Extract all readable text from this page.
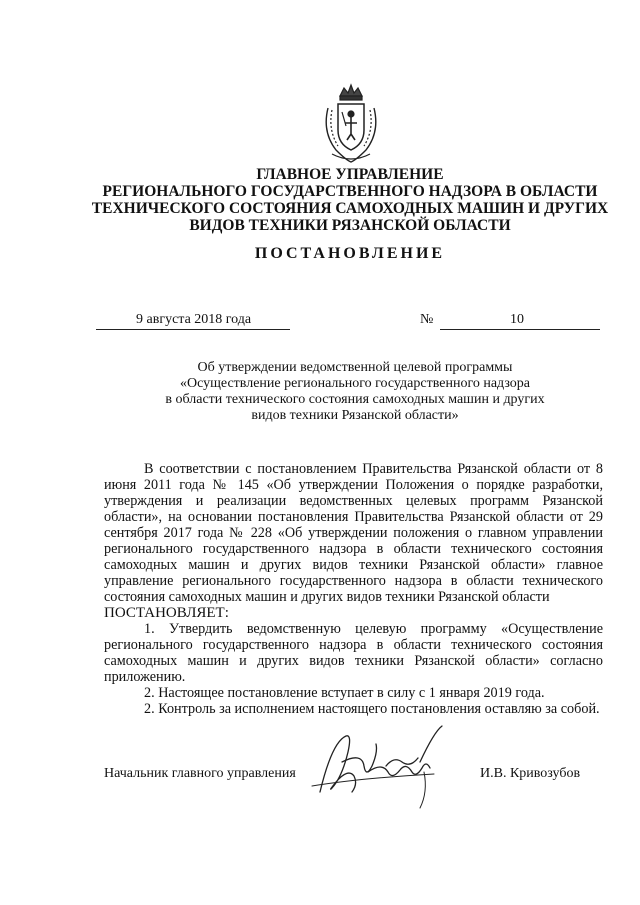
ГЛАВНОЕ УПРАВЛЕНИЕ
РЕГИОНАЛЬНОГО ГОСУДАРСТВЕННОГО НАДЗОРА В ОБЛАСТИ
ТЕХНИЧЕСКОГО СОСТОЯНИЯ САМОХОДНЫХ МАШИН И ДРУГИХ
ВИДОВ ТЕХНИКИ РЯЗАНСКОЙ ОБЛАСТИ
ПОСТАНОВЛЕНИЕ
9 августа 2018 года	№	10
Об утверждении ведомственной целевой программы
«Осуществление регионального государственного надзора
в области технического состояния самоходных машин и других
видов техники Рязанской области»

В соответствии с постановлением Правительства Рязанской области от 8 июня 2011 года № 145 «Об утверждении Положения о порядке разработки, утверждения и реализации ведомственных целевых программ Рязанской области», на основании постановления Правительства Рязанской области от 29 сентября 2017 года № 228 «Об утверждении положения о главном управлении регионального государственного надзора в области технического состояния самоходных машин и других видов техники Рязанской области» главное управление регионального государственного надзора в области технического состояния самоходных машин и других видов техники Рязанской области

ПОСТАНОВЛЯЕТ:

1. Утвердить ведомственную целевую программу «Осуществление регионального государственного надзора в области технического состояния самоходных машин и других видов техники Рязанской области» согласно приложению.

2. Настоящее постановление вступает в силу с 1 января 2019 года.

2. Контроль за исполнением настоящего постановления оставляю за собой.

Начальник главного управления	И.В. Кривозубов
